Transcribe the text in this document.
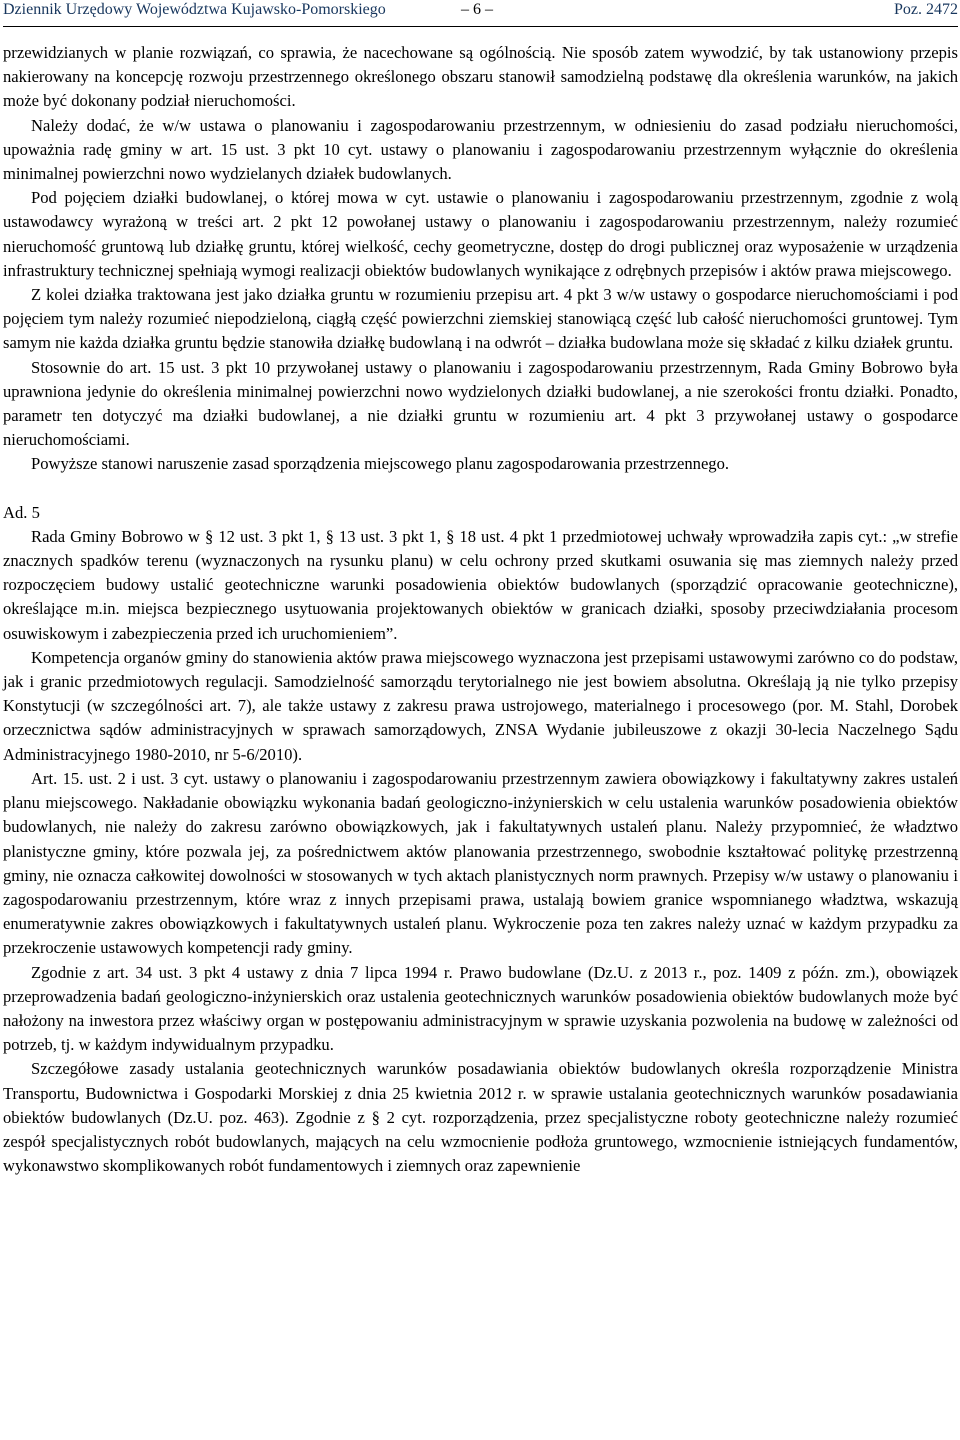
Dziennik Urzędowy Województwa Kujawsko-Pomorskiego	– 6 –	Poz. 2472

przewidzianych w planie rozwiązań, co sprawia, że nacechowane są ogólnością. Nie sposób zatem wywodzić, by tak ustanowiony przepis nakierowany na koncepcję rozwoju przestrzennego określonego obszaru stanowił samodzielną podstawę dla określenia warunków, na jakich może być dokonany podział nieruchomości.

Należy dodać, że w/w ustawa o planowaniu i zagospodarowaniu przestrzennym, w odniesieniu do zasad podziału nieruchomości, upoważnia radę gminy w art. 15 ust. 3 pkt 10 cyt. ustawy o planowaniu i zagospodarowaniu przestrzennym wyłącznie do określenia minimalnej powierzchni nowo wydzielanych działek budowlanych.

Pod pojęciem działki budowlanej, o której mowa w cyt. ustawie o planowaniu i zagospodarowaniu przestrzennym, zgodnie z wolą ustawodawcy wyrażoną w treści art. 2 pkt 12 powołanej ustawy o planowaniu i zagospodarowaniu przestrzennym, należy rozumieć nieruchomość gruntową lub działkę gruntu, której wielkość, cechy geometryczne, dostęp do drogi publicznej oraz wyposażenie w urządzenia infrastruktury technicznej spełniają wymogi realizacji obiektów budowlanych wynikające z odrębnych przepisów i aktów prawa miejscowego.

Z kolei działka traktowana jest jako działka gruntu w rozumieniu przepisu art. 4 pkt 3 w/w ustawy o gospodarce nieruchomościami i pod pojęciem tym należy rozumieć niepodzieloną, ciągłą część powierzchni ziemskiej stanowiącą część lub całość nieruchomości gruntowej. Tym samym nie każda działka gruntu będzie stanowiła działkę budowlaną i na odwrót – działka budowlana może się składać z kilku działek gruntu.

Stosownie do art. 15 ust. 3 pkt 10 przywołanej ustawy o planowaniu i zagospodarowaniu przestrzennym, Rada Gminy Bobrowo była uprawniona jedynie do określenia minimalnej powierzchni nowo wydzielonych działki budowlanej, a nie szerokości frontu działki. Ponadto, parametr ten dotyczyć ma działki budowlanej, a nie działki gruntu w rozumieniu art. 4 pkt 3 przywołanej ustawy o gospodarce nieruchomościami.

Powyższe stanowi naruszenie zasad sporządzenia miejscowego planu zagospodarowania przestrzennego.

Ad. 5

Rada Gminy Bobrowo w § 12 ust. 3 pkt 1, § 13 ust. 3 pkt 1, § 18 ust. 4 pkt 1 przedmiotowej uchwały wprowadziła zapis cyt.: „w strefie znacznych spadków terenu (wyznaczonych na rysunku planu) w celu ochrony przed skutkami osuwania się mas ziemnych należy przed rozpoczęciem budowy ustalić geotechniczne warunki posadowienia obiektów budowlanych (sporządzić opracowanie geotechniczne), określające m.in. miejsca bezpiecznego usytuowania projektowanych obiektów w granicach działki, sposoby przeciwdziałania procesom osuwiskowym i zabezpieczenia przed ich uruchomieniem”.

Kompetencja organów gminy do stanowienia aktów prawa miejscowego wyznaczona jest przepisami ustawowymi zarówno co do podstaw, jak i granic przedmiotowych regulacji. Samodzielność samorządu terytorialnego nie jest bowiem absolutna. Określają ją nie tylko przepisy Konstytucji (w szczególności art. 7), ale także ustawy z zakresu prawa ustrojowego, materialnego i procesowego (por. M. Stahl, Dorobek orzecznictwa sądów administracyjnych w sprawach samorządowych, ZNSA Wydanie jubileuszowe z okazji 30-lecia Naczelnego Sądu Administracyjnego 1980-2010, nr 5-6/2010).

Art. 15. ust. 2 i ust. 3 cyt. ustawy o planowaniu i zagospodarowaniu przestrzennym zawiera obowiązkowy i fakultatywny zakres ustaleń planu miejscowego. Nakładanie obowiązku wykonania badań geologiczno-inżynierskich w celu ustalenia warunków posadowienia obiektów budowlanych, nie należy do zakresu zarówno obowiązkowych, jak i fakultatywnych ustaleń planu. Należy przypomnieć, że władztwo planistyczne gminy, które pozwala jej, za pośrednictwem aktów planowania przestrzennego, swobodnie kształtować politykę przestrzenną gminy, nie oznacza całkowitej dowolności w stosowanych w tych aktach planistycznych norm prawnych. Przepisy w/w ustawy o planowaniu i zagospodarowaniu przestrzennym, które wraz z innych przepisami prawa, ustalają bowiem granice wspomnianego władztwa, wskazują enumeratywnie zakres obowiązkowych i fakultatywnych ustaleń planu. Wykroczenie poza ten zakres należy uznać w każdym przypadku za przekroczenie ustawowych kompetencji rady gminy.

Zgodnie z art. 34 ust. 3 pkt 4 ustawy z dnia 7 lipca 1994 r. Prawo budowlane (Dz.U. z 2013 r., poz. 1409 z późn. zm.), obowiązek przeprowadzenia badań geologiczno-inżynierskich oraz ustalenia geotechnicznych warunków posadowienia obiektów budowlanych może być nałożony na inwestora przez właściwy organ w postępowaniu administracyjnym w sprawie uzyskania pozwolenia na budowę w zależności od potrzeb, tj. w każdym indywidualnym przypadku.

Szczegółowe zasady ustalania geotechnicznych warunków posadawiania obiektów budowlanych określa rozporządzenie Ministra Transportu, Budownictwa i Gospodarki Morskiej z dnia 25 kwietnia 2012 r. w sprawie ustalania geotechnicznych warunków posadawiania obiektów budowlanych (Dz.U. poz. 463). Zgodnie z § 2 cyt. rozporządzenia, przez specjalistyczne roboty geotechniczne należy rozumieć zespół specjalistycznych robót budowlanych, mających na celu wzmocnienie podłoża gruntowego, wzmocnienie istniejących fundamentów, wykonawstwo skomplikowanych robót fundamentowych i ziemnych oraz zapewnienie
